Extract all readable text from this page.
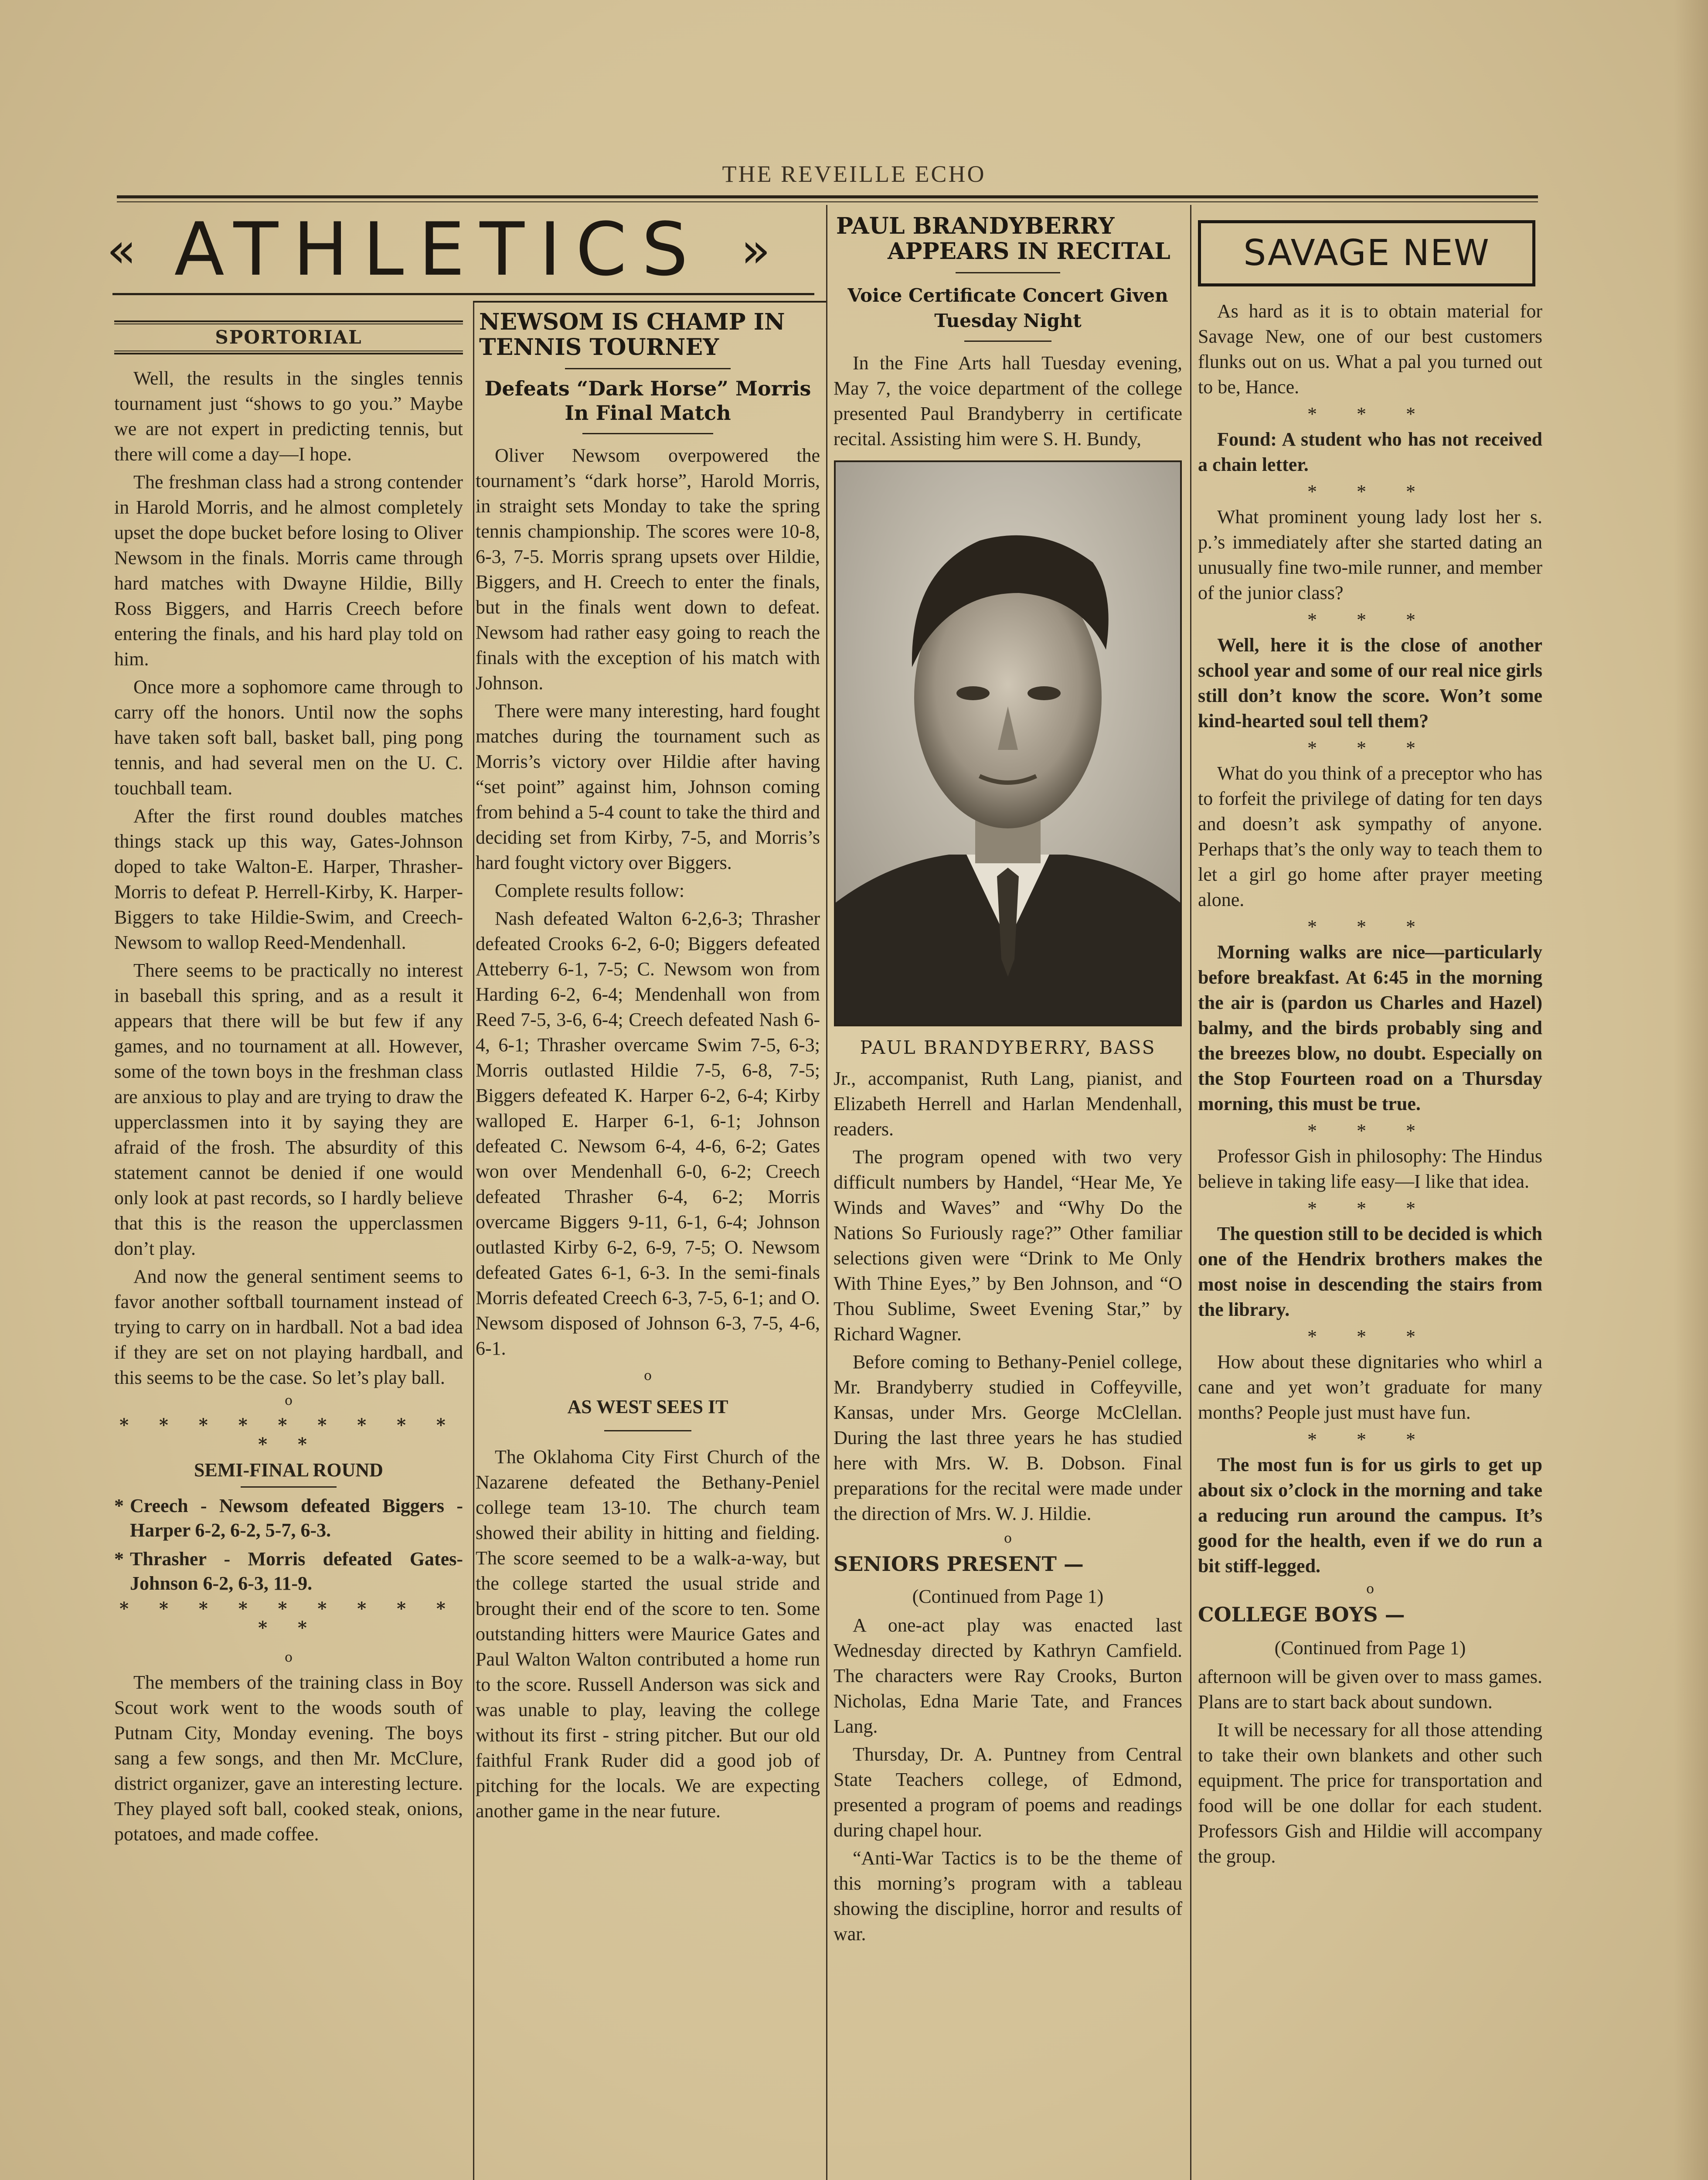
THE REVEILLE ECHO
« ATHLETICS »
SPORTORIAL

Well, the results in the singles tennis tournament just “shows to go you.” Maybe we are not expert in predicting tennis, but there will come a day—I hope.

The freshman class had a strong contender in Harold Morris, and he almost completely upset the dope bucket before losing to Oliver Newsom in the finals. Morris came through hard matches with Dwayne Hildie, Billy Ross Biggers, and Harris Creech before entering the finals, and his hard play told on him.

Once more a sophomore came through to carry off the honors. Until now the sophs have taken soft ball, basket ball, ping pong tennis, and had several men on the U. C. touchball team.

After the first round doubles matches things stack up this way, Gates-Johnson doped to take Walton-E. Harper, Thrasher-Morris to defeat P. Herrell-Kirby, K. Harper-Biggers to take Hildie-Swim, and Creech-Newsom to wallop Reed-Mendenhall.

There seems to be practically no interest in baseball this spring, and as a result it appears that there will be but few if any games, and no tournament at all. However, some of the town boys in the freshman class are anxious to play and are trying to draw the upperclassmen into it by saying they are afraid of the frosh. The absurdity of this statement cannot be denied if one would only look at past records, so I hardly believe that this is the reason the upperclassmen don’t play.

And now the general sentiment seems to favor another softball tournament instead of trying to carry on in hardball. Not a bad idea if they are set on not playing hardball, and this seems to be the case. So let’s play ball.

o
* * * * * * * * * * *
SEMI-FINAL ROUND
* Creech - Newsom defeated Biggers - Harper 6-2, 6-2, 5-7, 6-3.
* Thrasher - Morris defeated Gates-Johnson 6-2, 6-3, 11-9.
* * * * * * * * * * *
o

The members of the training class in Boy Scout work went to the woods south of Putnam City, Monday evening. The boys sang a few songs, and then Mr. McClure, district organizer, gave an interesting lecture. They played soft ball, cooked steak, onions, potatoes, and made coffee.

NEWSOM IS CHAMP IN TENNIS TOURNEY
Defeats “Dark Horse” Morris In Final Match

Oliver Newsom overpowered the tournament’s “dark horse”, Harold Morris, in straight sets Monday to take the spring tennis championship. The scores were 10-8, 6-3, 7-5. Morris sprang upsets over Hildie, Biggers, and H. Creech to enter the finals, but in the finals went down to defeat. Newsom had rather easy going to reach the finals with the exception of his match with Johnson.

There were many interesting, hard fought matches during the tournament such as Morris’s victory over Hildie after having “set point” against him, Johnson coming from behind a 5-4 count to take the third and deciding set from Kirby, 7-5, and Morris’s hard fought victory over Biggers.

Complete results follow:

Nash defeated Walton 6-2,6-3; Thrasher defeated Crooks 6-2, 6-0; Biggers defeated Atteberry 6-1, 7-5; C. Newsom won from Harding 6-2, 6-4; Mendenhall won from Reed 7-5, 3-6, 6-4; Creech defeated Nash 6-4, 6-1; Thrasher overcame Swim 7-5, 6-3; Morris outlasted Hildie 7-5, 6-8, 7-5; Biggers defeated K. Harper 6-2, 6-4; Kirby walloped E. Harper 6-1, 6-1; Johnson defeated C. Newsom 6-4, 4-6, 6-2; Gates won over Mendenhall 6-0, 6-2; Creech defeated Thrasher 6-4, 6-2; Morris overcame Biggers 9-11, 6-1, 6-4; Johnson outlasted Kirby 6-2, 6-9, 7-5; O. Newsom defeated Gates 6-1, 6-3. In the semi-finals Morris defeated Creech 6-3, 7-5, 6-1; and O. Newsom disposed of Johnson 6-3, 7-5, 4-6, 6-1.

o
AS WEST SEES IT

The Oklahoma City First Church of the Nazarene defeated the Bethany-Peniel college team 13-10. The church team showed their ability in hitting and fielding. The score seemed to be a walk-a-way, but the college started the usual stride and brought their end of the score to ten. Some outstanding hitters were Maurice Gates and Paul Walton Walton contributed a home run to the score. Russell Anderson was sick and was unable to play, leaving the college without its first - string pitcher. But our old faithful Frank Ruder did a good job of pitching for the locals. We are expecting another game in the near future.

PAUL BRANDYBERRY
APPEARS IN RECITAL
Voice Certificate Concert Given Tuesday Night

In the Fine Arts hall Tuesday evening, May 7, the voice department of the college presented Paul Brandyberry in certificate recital. Assisting him were S. H. Bundy,

PAUL BRANDYBERRY, BASS

Jr., accompanist, Ruth Lang, pianist, and Elizabeth Herrell and Harlan Mendenhall, readers.

The program opened with two very difficult numbers by Handel, “Hear Me, Ye Winds and Waves” and “Why Do the Nations So Furiously rage?” Other familiar selections given were “Drink to Me Only With Thine Eyes,” by Ben Johnson, and “O Thou Sublime, Sweet Evening Star,” by Richard Wagner.

Before coming to Bethany-Peniel college, Mr. Brandyberry studied in Coffeyville, Kansas, under Mrs. George McClellan. During the last three years he has studied here with Mrs. W. B. Dobson. Final preparations for the recital were made under the direction of Mrs. W. J. Hildie.

o
SENIORS PRESENT —
(Continued from Page 1)

A one-act play was enacted last Wednesday directed by Kathryn Camfield. The characters were Ray Crooks, Burton Nicholas, Edna Marie Tate, and Frances Lang.

Thursday, Dr. A. Puntney from Central State Teachers college, of Edmond, presented a program of poems and readings during chapel hour.

“Anti-War Tactics is to be the theme of this morning’s program with a tableau showing the discipline, horror and results of war.

SAVAGE NEW

As hard as it is to obtain material for Savage New, one of our best customers flunks out on us. What a pal you turned out to be, Hance.

* * *

Found: A student who has not received a chain letter.

* * *

What prominent young lady lost her s. p.’s immediately after she started dating an unusually fine two-mile runner, and member of the junior class?

* * *

Well, here it is the close of another school year and some of our real nice girls still don’t know the score. Won’t some kind-hearted soul tell them?

* * *

What do you think of a preceptor who has to forfeit the privilege of dating for ten days and doesn’t ask sympathy of anyone. Perhaps that’s the only way to teach them to let a girl go home after prayer meeting alone.

* * *

Morning walks are nice—particularly before breakfast. At 6:45 in the morning the air is (pardon us Charles and Hazel) balmy, and the birds probably sing and the breezes blow, no doubt. Especially on the Stop Fourteen road on a Thursday morning, this must be true.

* * *

Professor Gish in philosophy: The Hindus believe in taking life easy—I like that idea.

* * *

The question still to be decided is which one of the Hendrix brothers makes the most noise in descending the stairs from the library.

* * *

How about these dignitaries who whirl a cane and yet won’t graduate for many months? People just must have fun.

* * *

The most fun is for us girls to get up about six o’clock in the morning and take a reducing run around the campus. It’s good for the health, even if we do run a bit stiff-legged.

o
COLLEGE BOYS —
(Continued from Page 1)

afternoon will be given over to mass games. Plans are to start back about sundown.

It will be necessary for all those attending to take their own blankets and other such equipment. The price for transportation and food will be one dollar for each student. Professors Gish and Hildie will accompany the group.
